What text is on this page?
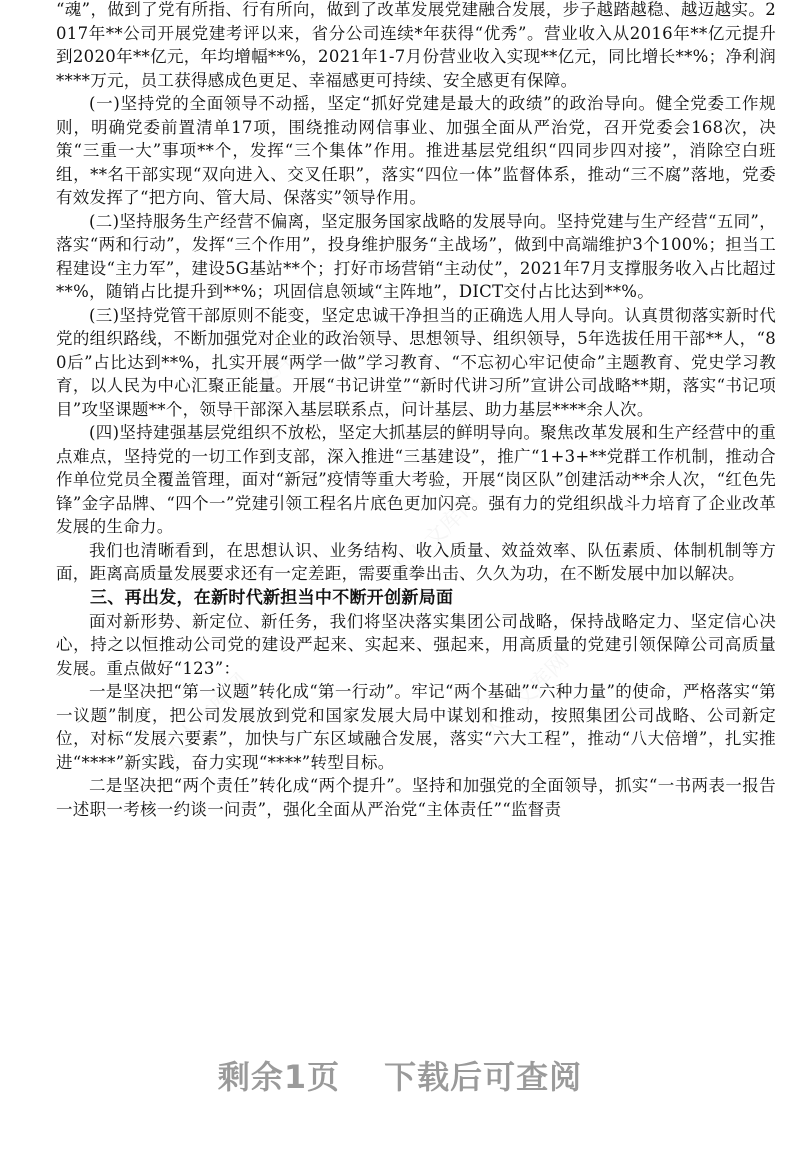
人人文库网
人人文库网
人人文库网
人人文库网

“魂”，做到了党有所指、行有所向，做到了改革发展党建融合发展，步子越踏越稳、越迈越实。2017年**公司开展党建考评以来，省分公司连续*年获得“优秀”。营业收入从2016年**亿元提升到2020年**亿元，年均增幅**%，2021年1-7月份营业收入实现**亿元，同比增长**%；净利润****万元，员工获得感成色更足、幸福感更可持续、安全感更有保障。

(一)坚持党的全面领导不动摇，坚定“抓好党建是最大的政绩”的政治导向。健全党委工作规则，明确党委前置清单17项，围绕推动网信事业、加强全面从严治党，召开党委会168次，决策“三重一大”事项**个，发挥“三个集体”作用。推进基层党组织“四同步四对接”，消除空白班组，**名干部实现“双向进入、交叉任职”，落实“四位一体”监督体系，推动“三不腐”落地，党委有效发挥了“把方向、管大局、保落实”领导作用。

(二)坚持服务生产经营不偏离，坚定服务国家战略的发展导向。坚持党建与生产经营“五同”，落实“两和行动”，发挥“三个作用”，投身维护服务“主战场”，做到中高端维护3个100%；担当工程建设“主力军”，建设5G基站**个；打好市场营销“主动仗”，2021年7月支撑服务收入占比超过**%，随销占比提升到**%；巩固信息领域“主阵地”，DICT交付占比达到**%。

(三)坚持党管干部原则不能变，坚定忠诚干净担当的正确选人用人导向。认真贯彻落实新时代党的组织路线，不断加强党对企业的政治领导、思想领导、组织领导，5年选拔任用干部**人，“80后”占比达到**%，扎实开展“两学一做”学习教育、“不忘初心牢记使命”主题教育、党史学习教育，以人民为中心汇聚正能量。开展“书记讲堂”“新时代讲习所”宣讲公司战略**期，落实“书记项目”攻坚课题**个，领导干部深入基层联系点，问计基层、助力基层****余人次。

(四)坚持建强基层党组织不放松，坚定大抓基层的鲜明导向。聚焦改革发展和生产经营中的重点难点，坚持党的一切工作到支部，深入推进“三基建设”，推广“1+3+**党群工作机制，推动合作单位党员全覆盖管理，面对“新冠”疫情等重大考验，开展“岗区队”创建活动**余人次，“红色先锋”金字品牌、“四个一”党建引领工程名片底色更加闪亮。强有力的党组织战斗力培育了企业改革发展的生命力。

我们也清晰看到，在思想认识、业务结构、收入质量、效益效率、队伍素质、体制机制等方面，距离高质量发展要求还有一定差距，需要重拳出击、久久为功，在不断发展中加以解决。

三、再出发，在新时代新担当中不断开创新局面

面对新形势、新定位、新任务，我们将坚决落实集团公司战略，保持战略定力、坚定信心决心，持之以恒推动公司党的建设严起来、实起来、强起来，用高质量的党建引领保障公司高质量发展。重点做好“123”：

一是坚决把“第一议题”转化成“第一行动”。牢记“两个基础”“六种力量”的使命，严格落实“第一议题”制度，把公司发展放到党和国家发展大局中谋划和推动，按照集团公司战略、公司新定位，对标“发展六要素”，加快与广东区域融合发展，落实“六大工程”，推动“八大倍增”，扎实推进“****”新实践，奋力实现“****”转型目标。

二是坚决把“两个责任”转化成“两个提升”。坚持和加强党的全面领导，抓实“一书两表一报告一述职一考核一约谈一问责”，强化全面从严治党“主体责任”“监督责

剩余1页 下载后可查阅
